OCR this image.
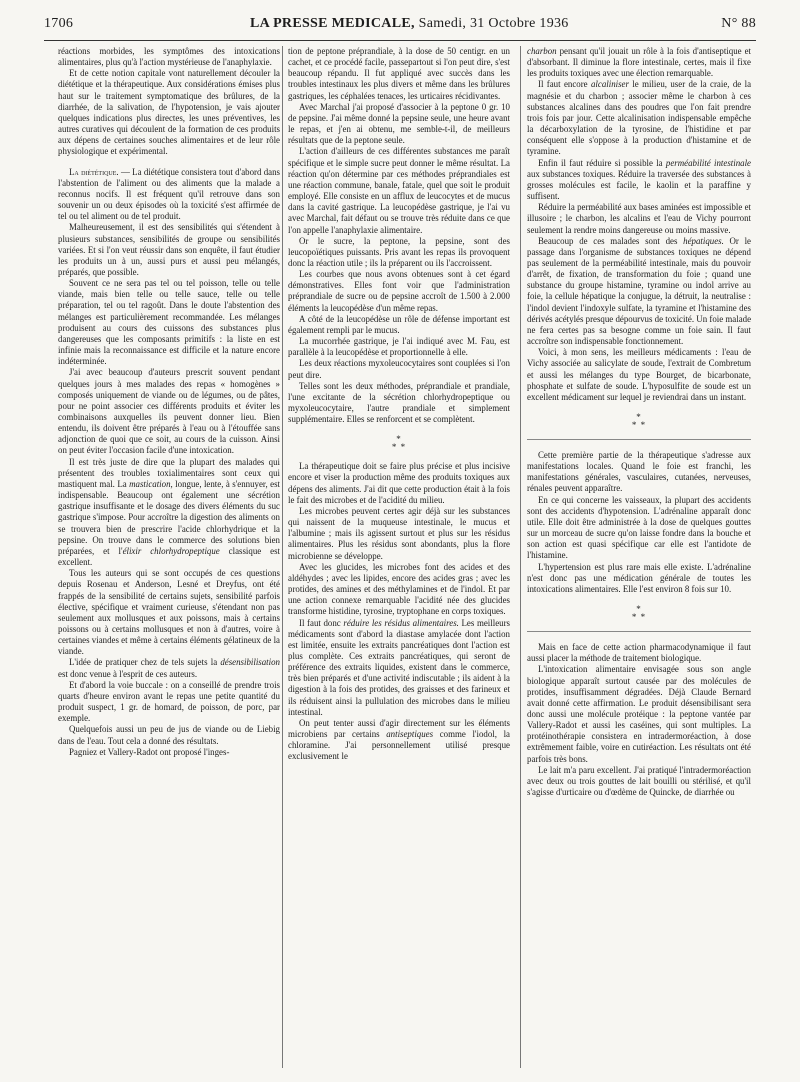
1706	LA PRESSE MEDICALE, Samedi, 31 Octobre 1936	N° 88

réactions morbides, les symptômes des intoxications alimentaires, plus qu'à l'action mystérieuse de l'anaphylaxie.

Et de cette notion capitale vont naturellement découler la diététique et la thérapeutique. Aux considérations émises plus haut sur le traitement symptomatique des brûlures, de la diarrhée, de la salivation, de l'hypotension, je vais ajouter quelques indications plus directes, les unes préventives, les autres curatives qui découlent de la formation de ces produits aux dépens de certaines souches alimentaires et de leur rôle physiologique et expérimental.

La diététique. — La diététique consistera tout d'abord dans l'abstention de l'aliment ou des aliments que la malade a reconnus nocifs. Il est fréquent qu'il retrouve dans son souvenir un ou deux épisodes où la toxicité s'est affirmée de tel ou tel aliment ou de tel produit.

Malheureusement, il est des sensibilités qui s'étendent à plusieurs substances, sensibilités de groupe ou sensibilités variées. Et si l'on veut réussir dans son enquête, il faut étudier les produits un à un, aussi purs et aussi peu mélangés, préparés, que possible.

Souvent ce ne sera pas tel ou tel poisson, telle ou telle viande, mais bien telle ou telle sauce, telle ou telle préparation, tel ou tel ragoût. Dans le doute l'abstention des mélanges est particulièrement recommandée. Les mélanges produisent au cours des cuissons des substances plus dangereuses que les composants primitifs : la liste en est infinie mais la reconnaissance est difficile et la nature encore indéterminée.

J'ai avec beaucoup d'auteurs prescrit souvent pendant quelques jours à mes malades des repas « homogènes » composés uniquement de viande ou de légumes, ou de pâtes, pour ne point associer ces différents produits et éviter les combinaisons auxquelles ils peuvent donner lieu. Bien entendu, ils doivent être préparés à l'eau ou à l'étouffée sans adjonction de quoi que ce soit, au cours de la cuisson. Ainsi on peut éviter l'occasion facile d'une intoxication.

Il est très juste de dire que la plupart des malades qui présentent des troubles toxialimentaires sont ceux qui mastiquent mal. La mastication, longue, lente, à s'ennuyer, est indispensable. Beaucoup ont également une sécrétion gastrique insuffisante et le dosage des divers éléments du suc gastrique s'impose. Pour accroître la digestion des aliments on se trouvera bien de prescrire l'acide chlorhydrique et la pepsine. On trouve dans le commerce des solutions bien préparées, et l'élixir chlorhydropeptique classique est excellent.

Tous les auteurs qui se sont occupés de ces questions depuis Rosenau et Anderson, Lesné et Dreyfus, ont été frappés de la sensibilité de certains sujets, sensibilité parfois élective, spécifique et vraiment curieuse, s'étendant non pas seulement aux mollusques et aux poissons, mais à certains poissons ou à certains mollusques et non à d'autres, voire à certaines viandes et même à certains éléments gélatineux de la viande.

L'idée de pratiquer chez de tels sujets la désensibilisation est donc venue à l'esprit de ces auteurs.

Et d'abord la voie buccale : on a conseillé de prendre trois quarts d'heure environ avant le repas une petite quantité du produit suspect, 1 gr. de homard, de poisson, de porc, par exemple.

Quelquefois aussi un peu de jus de viande ou de Liebig dans de l'eau. Tout cela a donné des résultats.

Pagniez et Vallery-Radot ont proposé l'inges-

tion de peptone préprandiale, à la dose de 50 centigr. en un cachet, et ce procédé facile, passepartout si l'on peut dire, s'est beaucoup répandu. Il fut appliqué avec succès dans les troubles intestinaux les plus divers et même dans les brûlures gastriques, les céphalées tenaces, les urticaires récidivantes.

Avec Marchal j'ai proposé d'associer à la peptone 0 gr. 10 de pepsine. J'ai même donné la pepsine seule, une heure avant le repas, et j'en ai obtenu, me semble-t-il, de meilleurs résultats que de la peptone seule.

L'action d'ailleurs de ces différentes substances me paraît spécifique et le simple sucre peut donner le même résultat. La réaction qu'on détermine par ces méthodes préprandiales est une réaction commune, banale, fatale, quel que soit le produit employé. Elle consiste en un afflux de leucocytes et de mucus dans la cavité gastrique. La leucopédèse gastrique, je l'ai vu avec Marchal, fait défaut ou se trouve très réduite dans ce que l'on appelle l'anaphylaxie alimentaire.

Or le sucre, la peptone, la pepsine, sont des leucopoïétiques puissants. Pris avant les repas ils provoquent donc la réaction utile ; ils la préparent ou ils l'accroissent.

Les courbes que nous avons obtenues sont à cet égard démonstratives. Elles font voir que l'administration préprandiale de sucre ou de pepsine accroît de 1.500 à 2.000 éléments la leucopédèse d'un même repas.

A côté de la leucopédèse un rôle de défense important est également rempli par le mucus.

La mucorrhée gastrique, je l'ai indiqué avec M. Fau, est parallèle à la leucopédèse et proportionnelle à elle.

Les deux réactions myxoleucocytaires sont couplées si l'on peut dire.

Telles sont les deux méthodes, préprandiale et prandiale, l'une excitante de la sécrétion chlorhydropeptique ou myxoleucocytaire, l'autre prandiale et simplement supplémentaire. Elles se renforcent et se complètent.

*
* *

La thérapeutique doit se faire plus précise et plus incisive encore et viser la production même des produits toxiques aux dépens des aliments. J'ai dit que cette production était à la fois le fait des microbes et de l'acidité du milieu.

Les microbes peuvent certes agir déjà sur les substances qui naissent de la muqueuse intestinale, le mucus et l'albumine ; mais ils agissent surtout et plus sur les résidus alimentaires. Plus les résidus sont abondants, plus la flore microbienne se développe.

Avec les glucides, les microbes font des acides et des aldéhydes ; avec les lipides, encore des acides gras ; avec les protides, des amines et des méthylamines et de l'indol. Et par une action connexe remarquable l'acidité née des glucides transforme histidine, tyrosine, tryptophane en corps toxiques.

Il faut donc réduire les résidus alimentaires. Les meilleurs médicaments sont d'abord la diastase amylacée dont l'action est limitée, ensuite les extraits pancréatiques dont l'action est plus complète. Ces extraits pancréatiques, qui seront de préférence des extraits liquides, existent dans le commerce, très bien préparés et d'une activité indiscutable ; ils aident à la digestion à la fois des protides, des graisses et des farineux et ils réduisent ainsi la pullulation des microbes dans le milieu intestinal.

On peut tenter aussi d'agir directement sur les éléments microbiens par certains antiseptiques comme l'iodol, la chloramine. J'ai personnellement utilisé presque exclusivement le

charbon pensant qu'il jouait un rôle à la fois d'antiseptique et d'absorbant. Il diminue la flore intestinale, certes, mais il fixe les produits toxiques avec une élection remarquable.

Il faut encore alcaliniser le milieu, user de la craie, de la magnésie et du charbon ; associer même le charbon à ces substances alcalines dans des poudres que l'on fait prendre trois fois par jour. Cette alcalinisation indispensable empêche la décarboxylation de la tyrosine, de l'histidine et par conséquent elle s'oppose à la production d'histamine et de tyramine.

Enfin il faut réduire si possible la perméabilité intestinale aux substances toxiques. Réduire la traversée des substances à grosses molécules est facile, le kaolin et la paraffine y suffisent.

Réduire la perméabilité aux bases aminées est impossible et illusoire ; le charbon, les alcalins et l'eau de Vichy pourront seulement la rendre moins dangereuse ou moins massive.

Beaucoup de ces malades sont des hépatiques. Or le passage dans l'organisme de substances toxiques ne dépend pas seulement de la perméabilité intestinale, mais du pouvoir d'arrêt, de fixation, de transformation du foie ; quand une substance du groupe histamine, tyramine ou indol arrive au foie, la cellule hépatique la conjugue, la détruit, la neutralise : l'indol devient l'indoxyle sulfate, la tyramine et l'histamine des dérivés acétylés presque dépourvus de toxicité. Un foie malade ne fera certes pas sa besogne comme un foie sain. Il faut accroître son indispensable fonctionnement.

Voici, à mon sens, les meilleurs médicaments : l'eau de Vichy associée au salicylate de soude, l'extrait de Combretum et aussi les mélanges du type Bourget, de bicarbonate, phosphate et sulfate de soude. L'hyposulfite de soude est un excellent médicament sur lequel je reviendrai dans un instant.

*
* *

Cette première partie de la thérapeutique s'adresse aux manifestations locales. Quand le foie est franchi, les manifestations générales, vasculaires, cutanées, nerveuses, rénales peuvent apparaître.

En ce qui concerne les vaisseaux, la plupart des accidents sont des accidents d'hypotension. L'adrénaline apparaît donc utile. Elle doit être administrée à la dose de quelques gouttes sur un morceau de sucre qu'on laisse fondre dans la bouche et son action est quasi spécifique car elle est l'antidote de l'histamine.

L'hypertension est plus rare mais elle existe. L'adrénaline n'est donc pas une médication générale de toutes les intoxications alimentaires. Elle l'est environ 8 fois sur 10.

*
* *

Mais en face de cette action pharmacodynamique il faut aussi placer la méthode de traitement biologique.

L'intoxication alimentaire envisagée sous son angle biologique apparaît surtout causée par des molécules de protides, insuffisamment dégradées. Déjà Claude Bernard avait donné cette affirmation. Le produit désensibilisant sera donc aussi une molécule protéique : la peptone vantée par Vallery-Radot et aussi les caséines, qui sont multiples. La protéinothérapie consistera en intradermoréaction, à dose extrêmement faible, voire en cutiréaction. Les résultats ont été parfois très bons.

Le lait m'a paru excellent. J'ai pratiqué l'intradermoréaction avec deux ou trois gouttes de lait bouilli ou stérilisé, et qu'il s'agisse d'urticaire ou d'œdème de Quincke, de diarrhée ou
